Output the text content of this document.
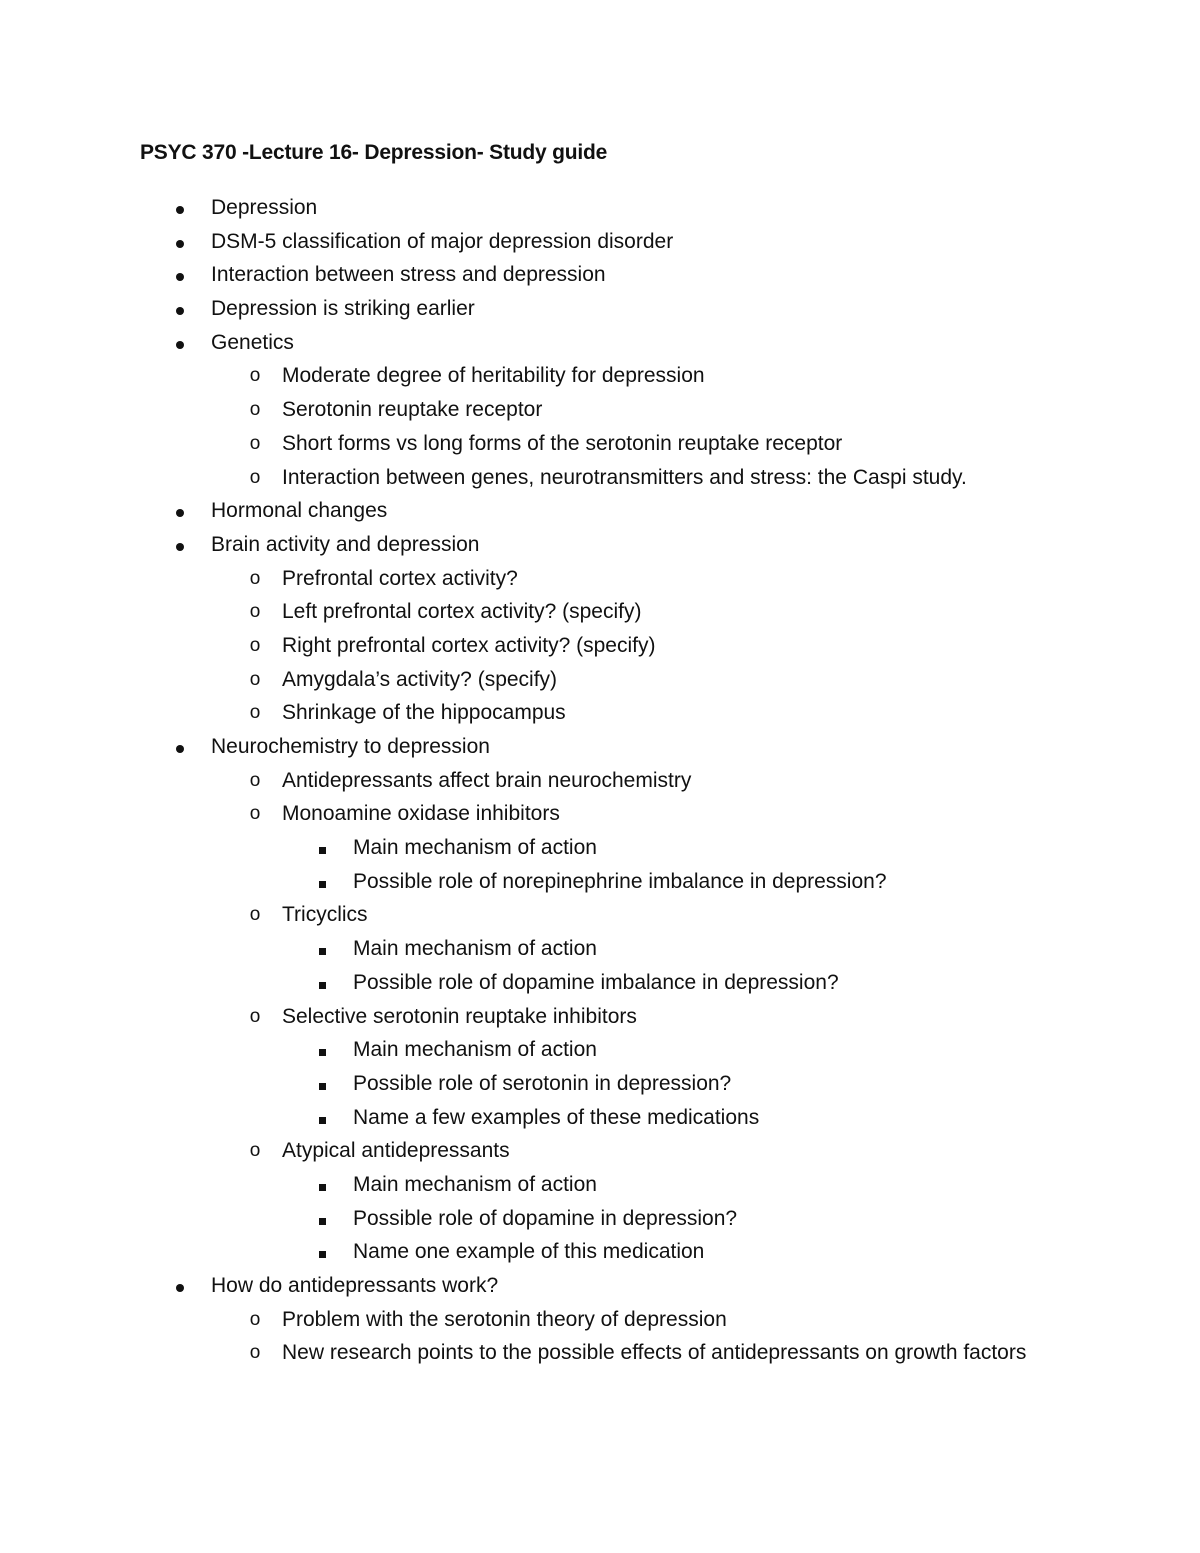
PSYC 370 -Lecture 16- Depression- Study guide
Depression
DSM-5 classification of major depression disorder
Interaction between stress and depression
Depression is striking earlier
Genetics
o Moderate degree of heritability for depression
o Serotonin reuptake receptor
o Short forms vs long forms of the serotonin reuptake receptor
o Interaction between genes, neurotransmitters and stress: the Caspi study.
Hormonal changes
Brain activity and depression
o Prefrontal cortex activity?
o Left prefrontal cortex activity? (specify)
o Right prefrontal cortex activity? (specify)
o Amygdala’s activity? (specify)
o Shrinkage of the hippocampus
Neurochemistry to depression
o Antidepressants affect brain neurochemistry
o Monoamine oxidase inhibitors
Main mechanism of action
Possible role of norepinephrine imbalance in depression?
o Tricyclics
Main mechanism of action
Possible role of dopamine imbalance in depression?
o Selective serotonin reuptake inhibitors
Main mechanism of action
Possible role of serotonin in depression?
Name a few examples of these medications
o Atypical antidepressants
Main mechanism of action
Possible role of dopamine in depression?
Name one example of this medication
How do antidepressants work?
o Problem with the serotonin theory of depression
o New research points to the possible effects of antidepressants on growth factors
